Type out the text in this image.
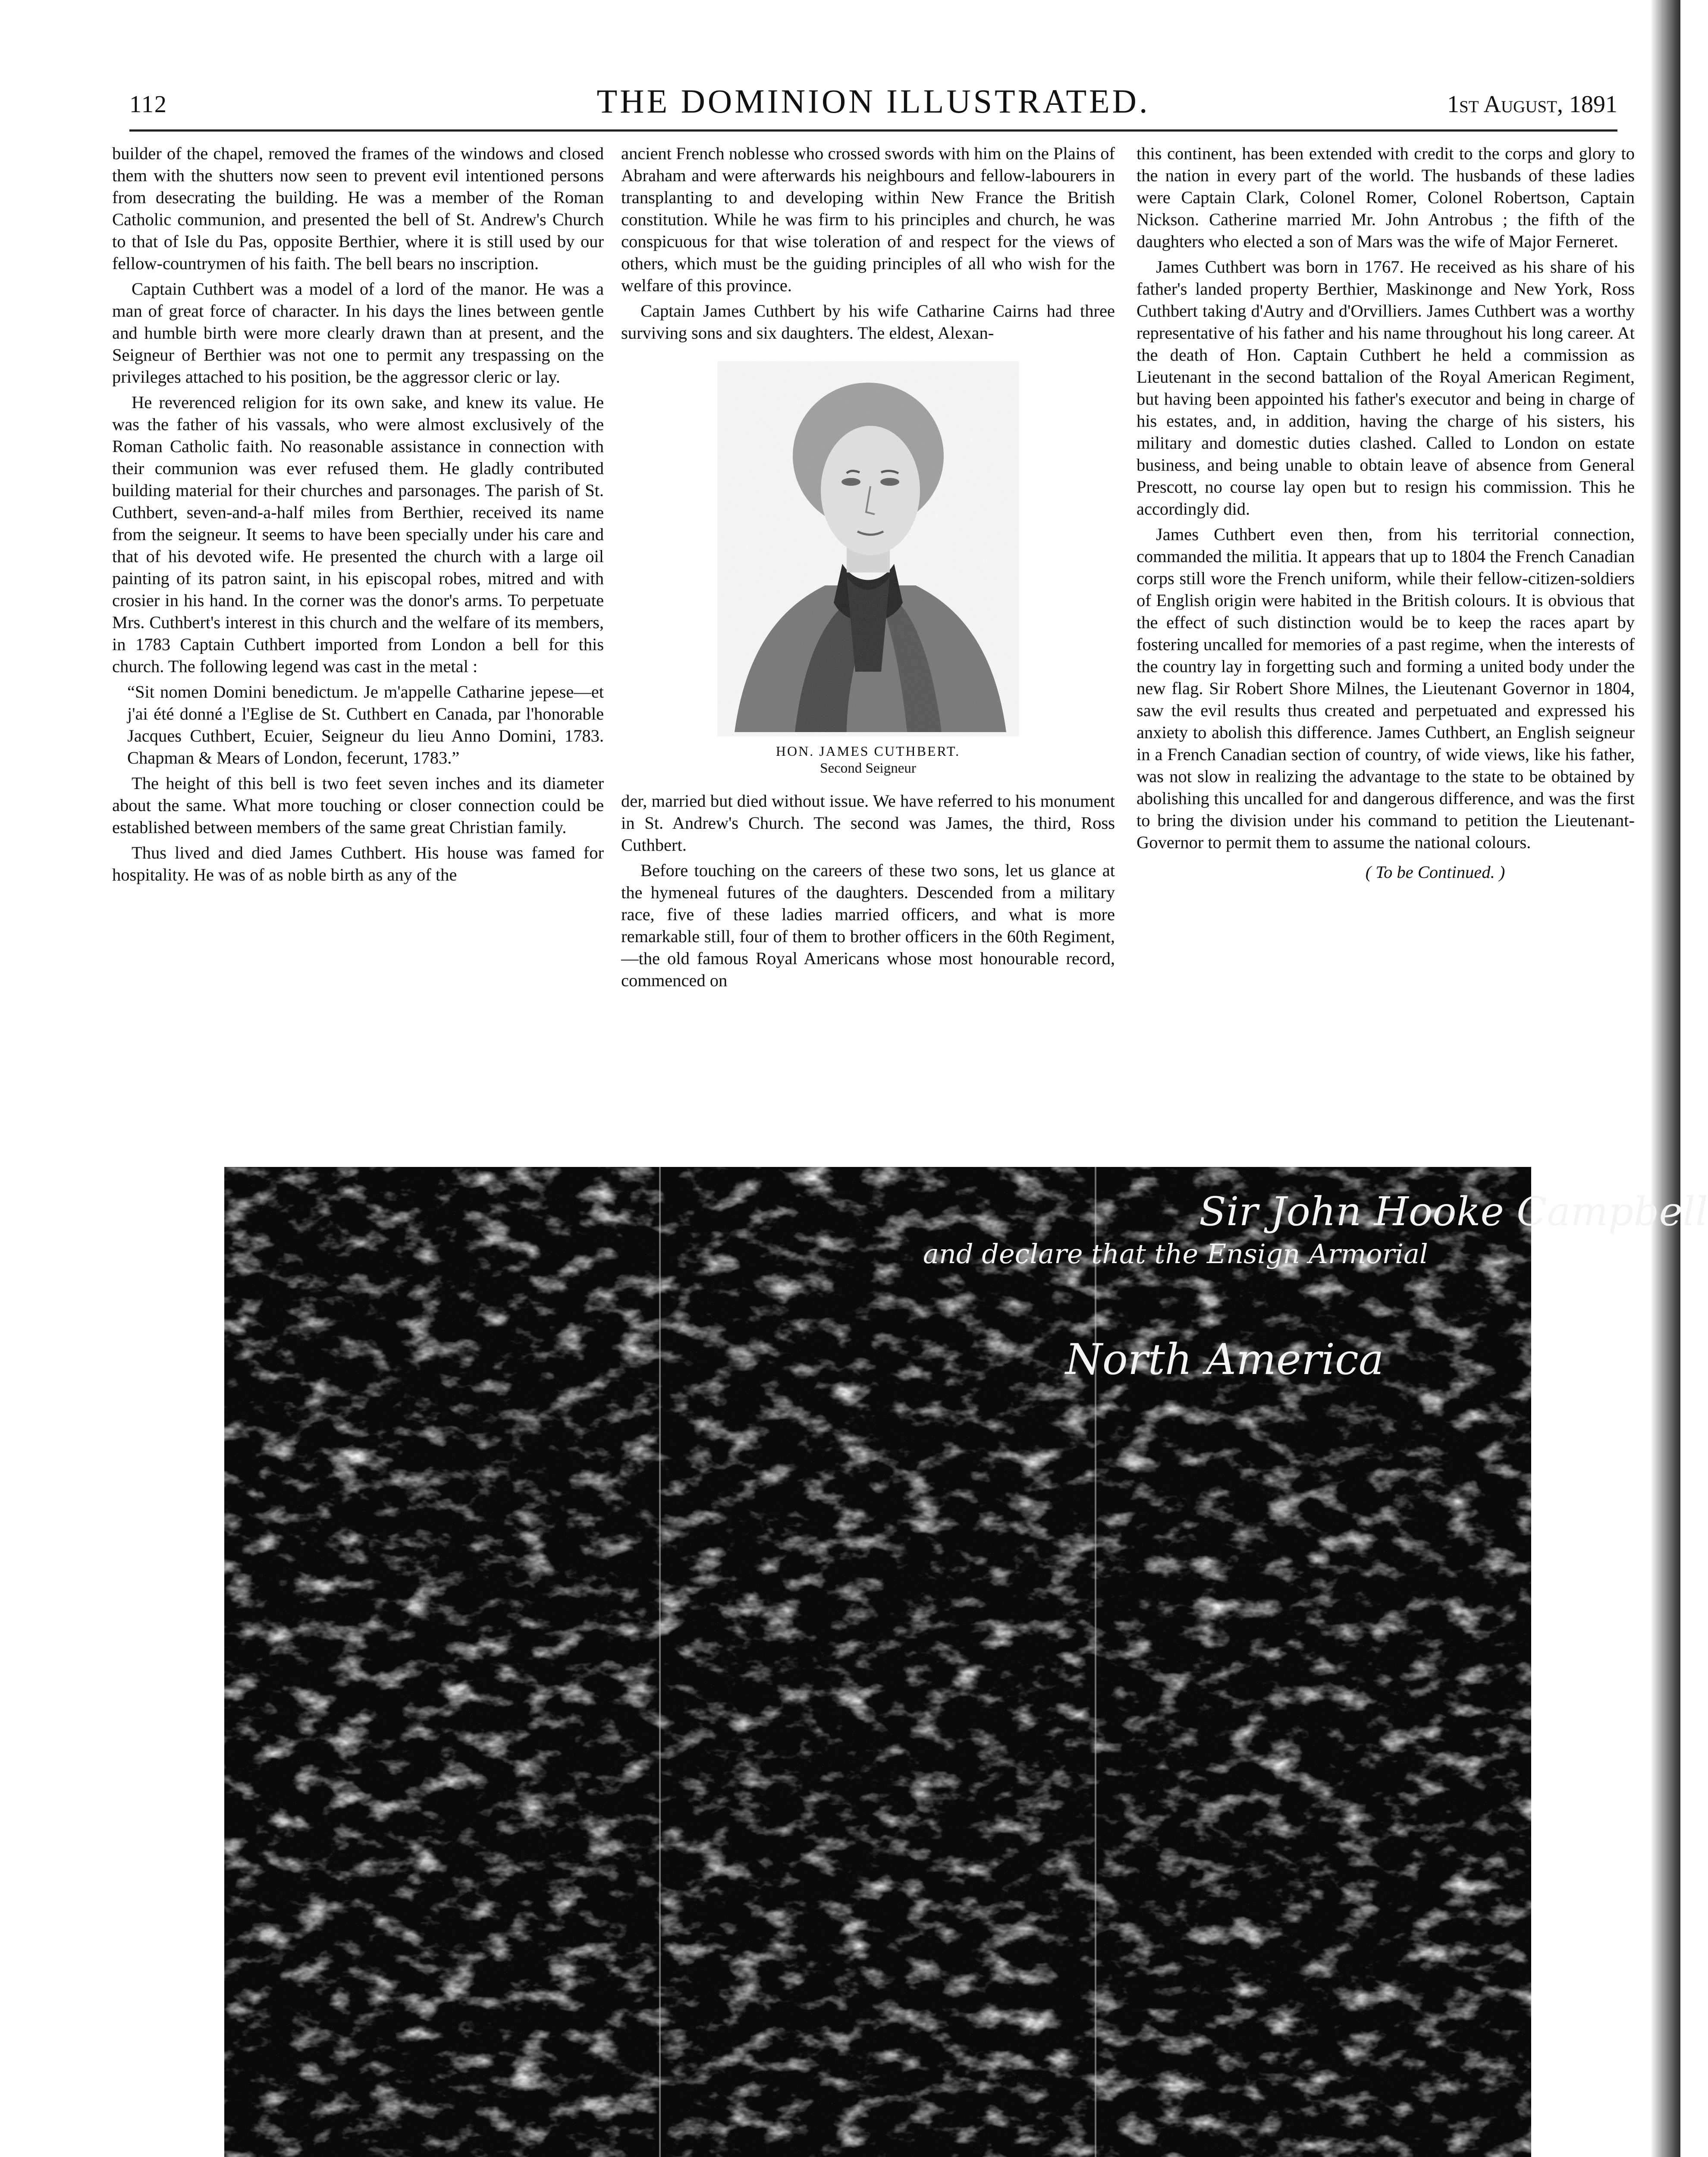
112	THE DOMINION ILLUSTRATED.	1st August, 1891

builder of the chapel, removed the frames of the windows and closed them with the shutters now seen to prevent evil intentioned persons from desecrating the building. He was a member of the Roman Catholic communion, and presented the bell of St. Andrew's Church to that of Isle du Pas, opposite Berthier, where it is still used by our fellow-countrymen of his faith. The bell bears no inscription.

Captain Cuthbert was a model of a lord of the manor. He was a man of great force of character. In his days the lines between gentle and humble birth were more clearly drawn than at present, and the Seigneur of Berthier was not one to permit any trespassing on the privileges attached to his position, be the aggressor cleric or lay.

He reverenced religion for its own sake, and knew its value. He was the father of his vassals, who were almost exclusively of the Roman Catholic faith. No reasonable assistance in connection with their communion was ever refused them. He gladly contributed building material for their churches and parsonages. The parish of St. Cuthbert, seven-and-a-half miles from Berthier, received its name from the seigneur. It seems to have been specially under his care and that of his devoted wife. He presented the church with a large oil painting of its patron saint, in his episcopal robes, mitred and with crosier in his hand. In the corner was the donor's arms. To perpetuate Mrs. Cuthbert's interest in this church and the welfare of its members, in 1783 Captain Cuthbert imported from London a bell for this church. The following legend was cast in the metal :

“Sit nomen Domini benedictum. Je m'appelle Catharine jepese—et j'ai été donné a l'Eglise de St. Cuthbert en Canada, par l'honorable Jacques Cuthbert, Ecuier, Seigneur du lieu Anno Domini, 1783. Chapman & Mears of London, fecerunt, 1783.”

The height of this bell is two feet seven inches and its diameter about the same. What more touching or closer connection could be established between members of the same great Christian family.

Thus lived and died James Cuthbert. His house was famed for hospitality. He was of as noble birth as any of the

ancient French noblesse who crossed swords with him on the Plains of Abraham and were afterwards his neighbours and fellow-labourers in transplanting to and developing within New France the British constitution. While he was firm to his principles and church, he was conspicuous for that wise toleration of and respect for the views of others, which must be the guiding principles of all who wish for the welfare of this province.

Captain James Cuthbert by his wife Catharine Cairns had three surviving sons and six daughters. The eldest, Alexan-

HON. JAMES CUTHBERT.
Second Seigneur

der, married but died without issue. We have referred to his monument in St. Andrew's Church. The second was James, the third, Ross Cuthbert.

Before touching on the careers of these two sons, let us glance at the hymeneal futures of the daughters. Descended from a military race, five of these ladies married officers, and what is more remarkable still, four of them to brother officers in the 60th Regiment,—the old famous Royal Americans whose most honourable record, commenced on

this continent, has been extended with credit to the corps and glory to the nation in every part of the world. The husbands of these ladies were Captain Clark, Colonel Romer, Colonel Robertson, Captain Nickson. Catherine married Mr. John Antrobus ; the fifth of the daughters who elected a son of Mars was the wife of Major Ferneret.

James Cuthbert was born in 1767. He received as his share of his father's landed property Berthier, Maskinonge and New York, Ross Cuthbert taking d'Autry and d'Orvilliers. James Cuthbert was a worthy representative of his father and his name throughout his long career. At the death of Hon. Captain Cuthbert he held a commission as Lieutenant in the second battalion of the Royal American Regiment, but having been appointed his father's executor and being in charge of his estates, and, in addition, having the charge of his sisters, his military and domestic duties clashed. Called to London on estate business, and being unable to obtain leave of absence from General Prescott, no course lay open but to resign his commission. This he accordingly did.

James Cuthbert even then, from his territorial connection, commanded the militia. It appears that up to 1804 the French Canadian corps still wore the French uniform, while their fellow-citizen-soldiers of English origin were habited in the British colours. It is obvious that the effect of such distinction would be to keep the races apart by fostering uncalled for memories of a past regime, when the interests of the country lay in forgetting such and forming a united body under the new flag. Sir Robert Shore Milnes, the Lieutenant Governor in 1804, saw the evil results thus created and perpetuated and expressed his anxiety to abolish this difference. James Cuthbert, an English seigneur in a French Canadian section of country, of wide views, like his father, was not slow in realizing the advantage to the state to be obtained by abolishing this uncalled for and dangerous difference, and was the first to bring the division under his command to petition the Lieutenant-Governor to permit them to assume the national colours.

( To be Continued. )
Sir John Hooke Campbell
and declare that the Ensign Armorial
North America
